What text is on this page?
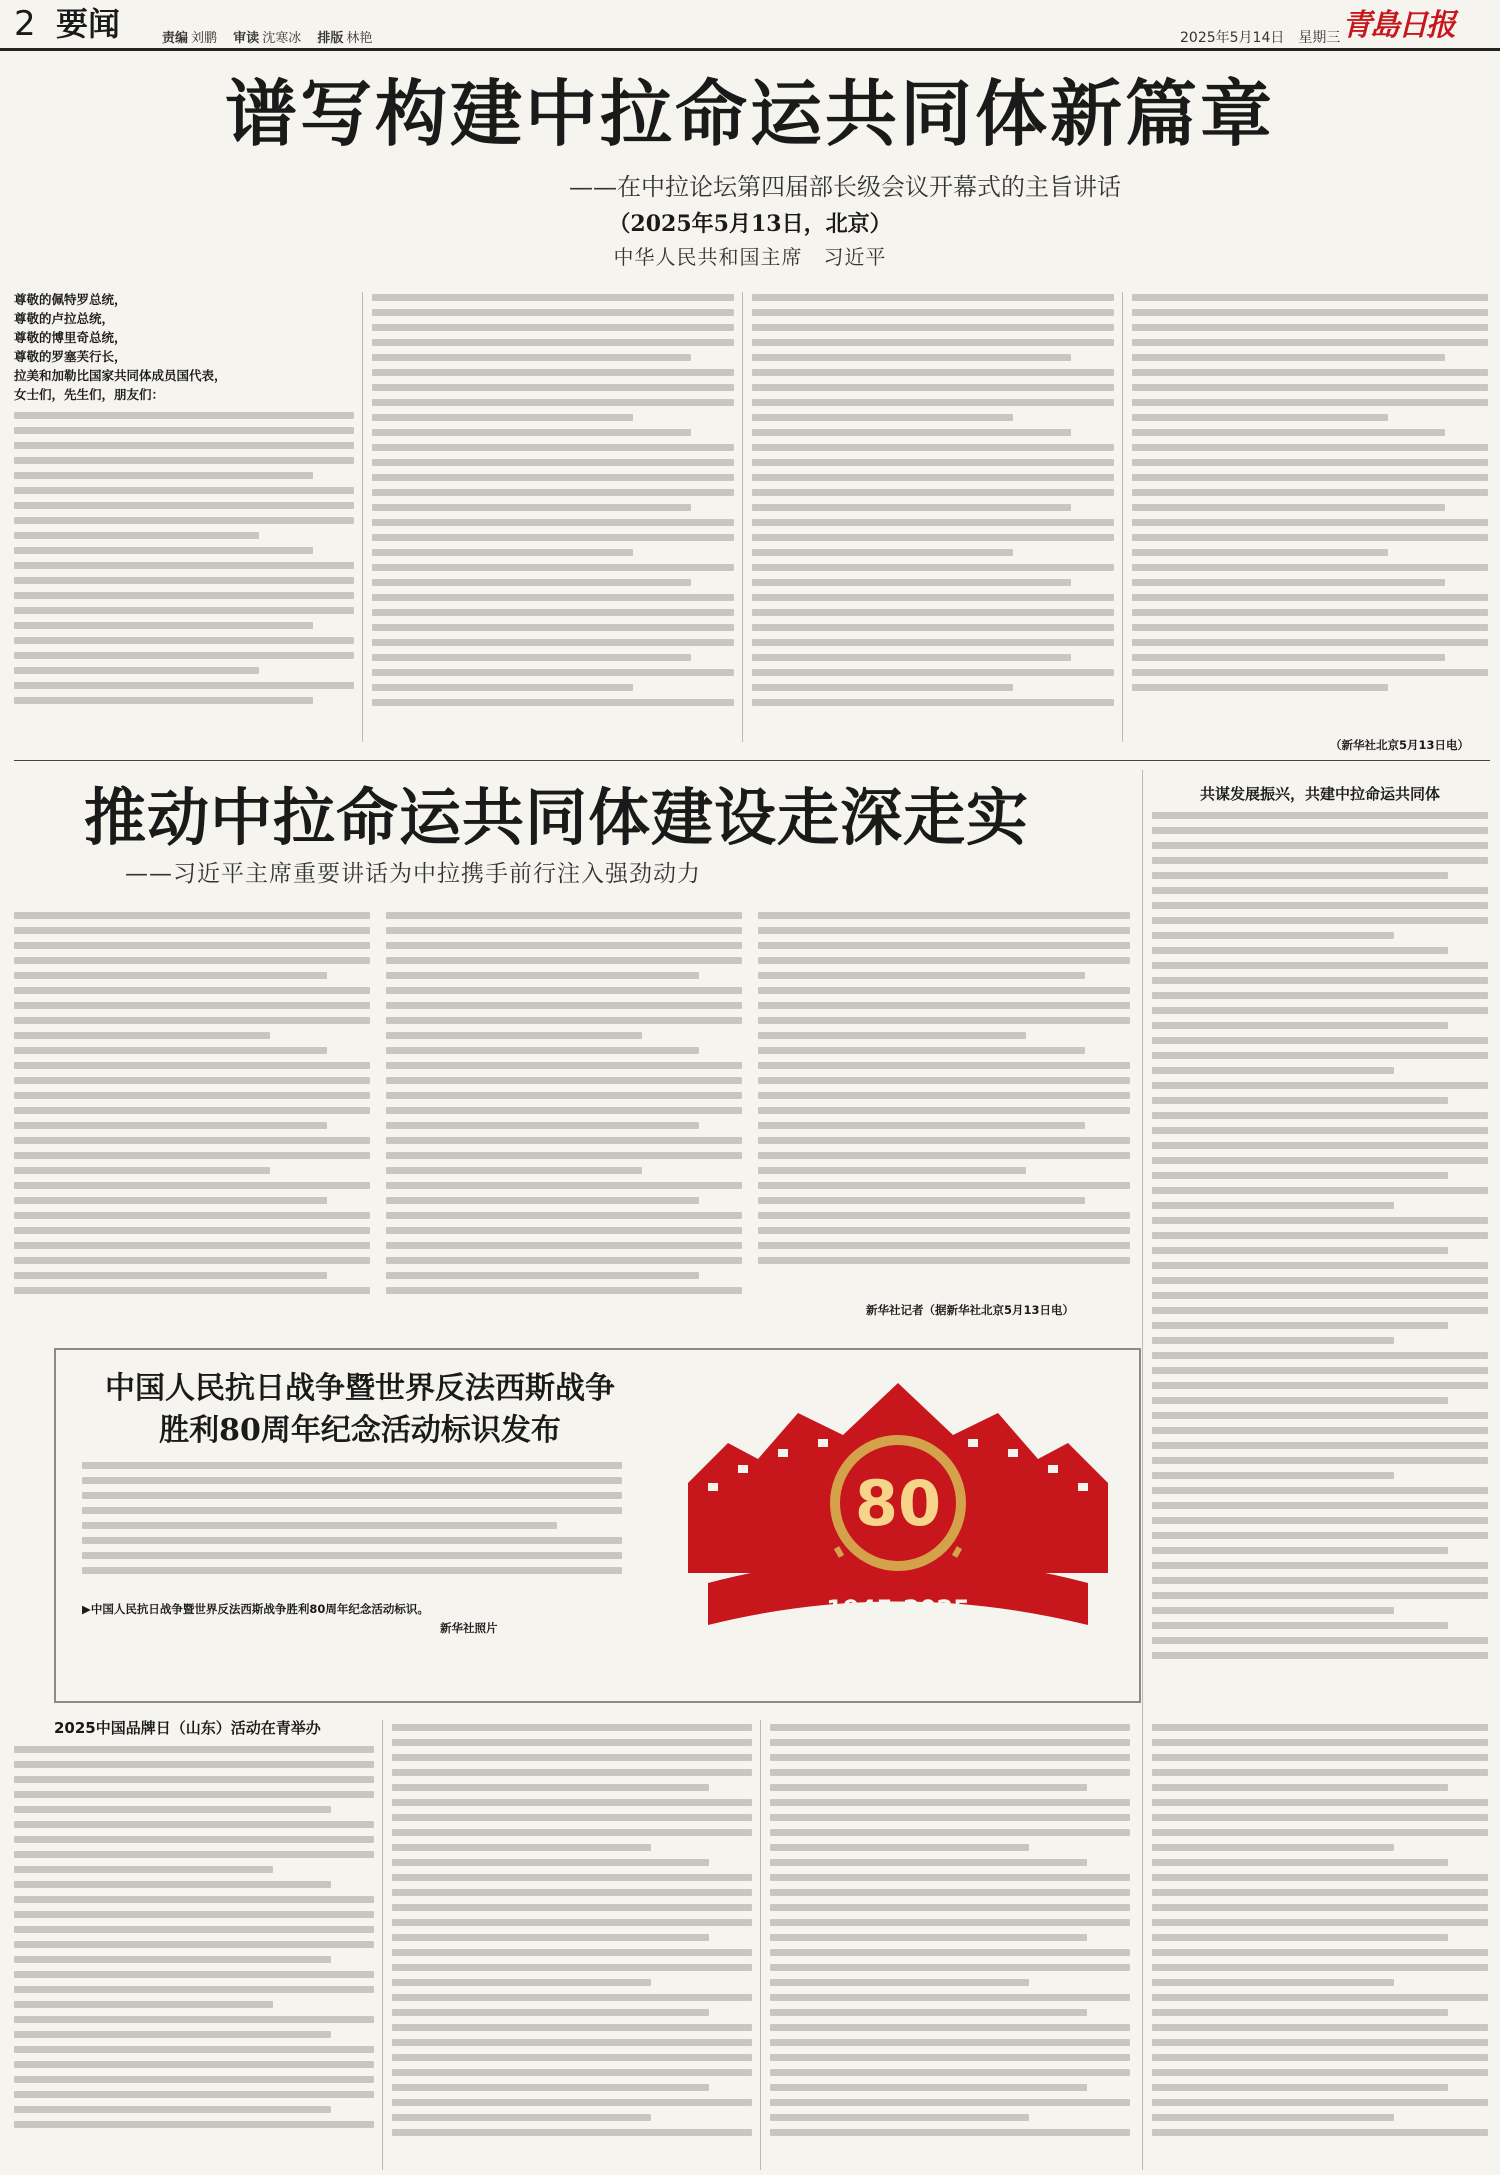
2 要闻	责编 刘鹏 审读 沈寒冰 排版 林艳	2025年5月14日　星期三 青島日报
谱写构建中拉命运共同体新篇章
——在中拉论坛第四届部长级会议开幕式的主旨讲话
（2025年5月13日，北京）
中华人民共和国主席　习近平
尊敬的佩特罗总统，
尊敬的卢拉总统，
尊敬的博里奇总统，
尊敬的罗塞芙行长，
拉美和加勒比国家共同体成员国代表，
女士们，先生们，朋友们：
（新华社北京5月13日电）
推动中拉命运共同体建设走深走实
——习近平主席重要讲话为中拉携手前行注入强劲动力
新华社记者（据新华社北京5月13日电）
共谋发展振兴，共建中拉命运共同体
中国人民抗日战争暨世界反法西斯战争
胜利80周年纪念活动标识发布
▶中国人民抗日战争暨世界反法西斯战争胜利80周年纪念活动标识。
新华社照片
80
1945-2025
2025中国品牌日（山东）活动在青举办
